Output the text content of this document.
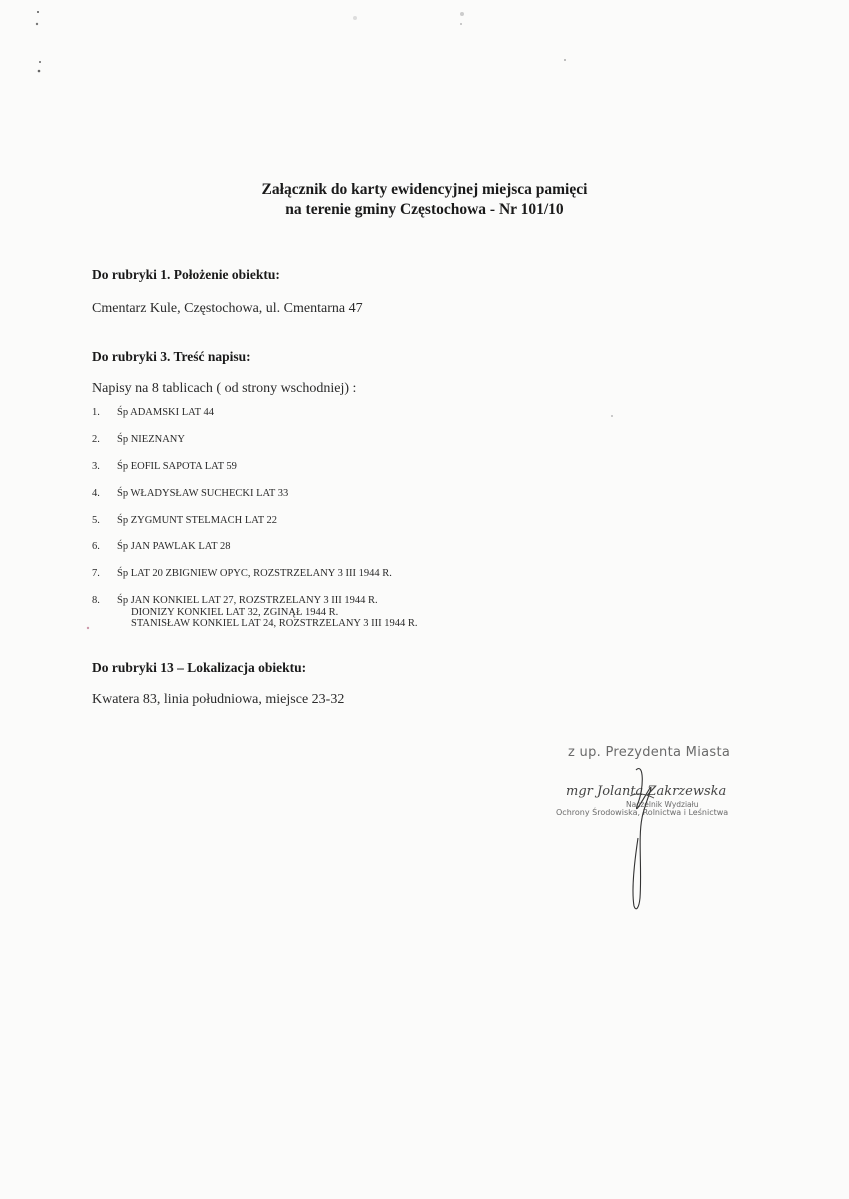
Załącznik do karty ewidencyjnej miejsca pamięci
na terenie gminy Częstochowa - Nr 101/10
Do rubryki 1. Położenie obiektu:
Cmentarz Kule, Częstochowa, ul. Cmentarna 47
Do rubryki 3. Treść napisu:
Napisy na 8 tablicach ( od strony wschodniej) :
1.	Śp ADAMSKI LAT 44
2.	Śp NIEZNANY
3.	Śp EOFIL SAPOTA LAT 59
4.	Śp WŁADYSŁAW SUCHECKI LAT 33
5.	Śp ZYGMUNT STELMACH LAT 22
6.	Śp JAN PAWLAK LAT 28
7.	Śp LAT 20 ZBIGNIEW OPYC, ROZSTRZELANY 3 III 1944 R.
8.	Śp JAN KONKIEL LAT 27, ROZSTRZELANY 3 III 1944 R.
DIONIZY KONKIEL LAT 32, ZGINĄŁ 1944 R.
STANISŁAW KONKIEL LAT 24, ROZSTRZELANY 3 III 1944 R.
Do rubryki 13 – Lokalizacja obiektu:
Kwatera 83, linia południowa, miejsce 23-32
z up. Prezydenta Miasta
mgr Jolanta Zakrzewska
Naczelnik Wydziału
Ochrony Środowiska, Rolnictwa i Leśnictwa
